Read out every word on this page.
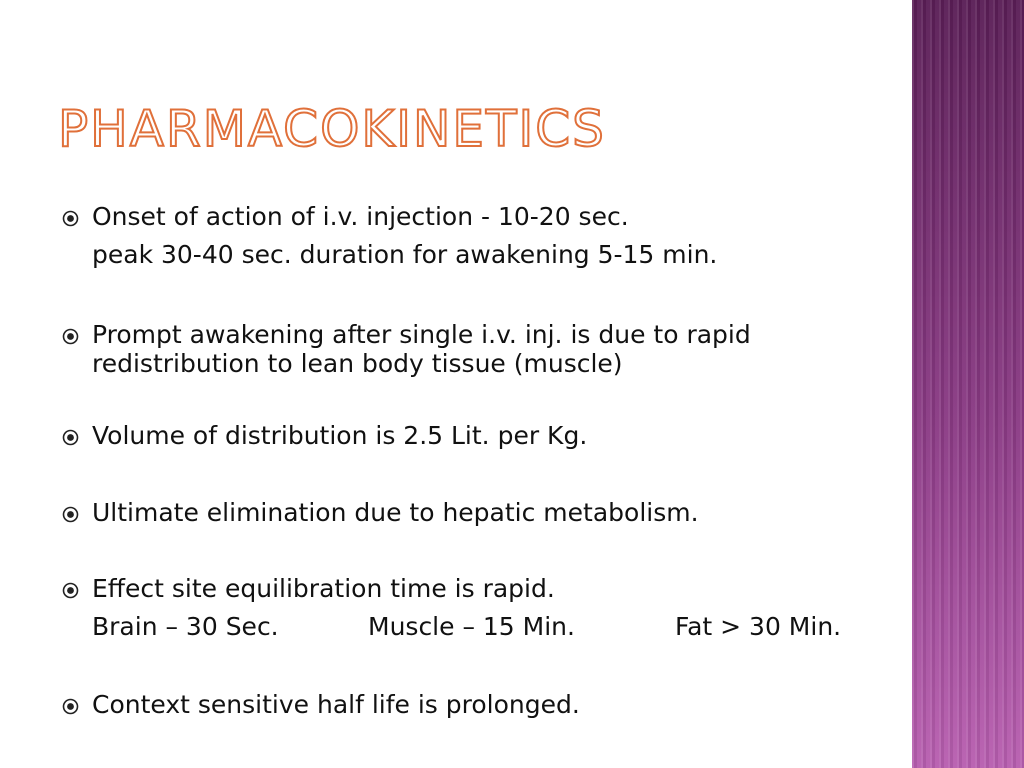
PHARMACOKINETICS
Onset of action of i.v. injection - 10-20 sec.
peak 30-40 sec. duration for awakening 5-15 min.
Prompt awakening after single i.v. inj. is due to rapid
redistribution to lean body tissue (muscle)
Volume of distribution is 2.5 Lit. per Kg.
Ultimate elimination due to hepatic metabolism.
Effect site equilibration time is rapid.
Brain – 30 Sec.	Muscle – 15 Min.	Fat > 30 Min.
Context sensitive half life is prolonged.
